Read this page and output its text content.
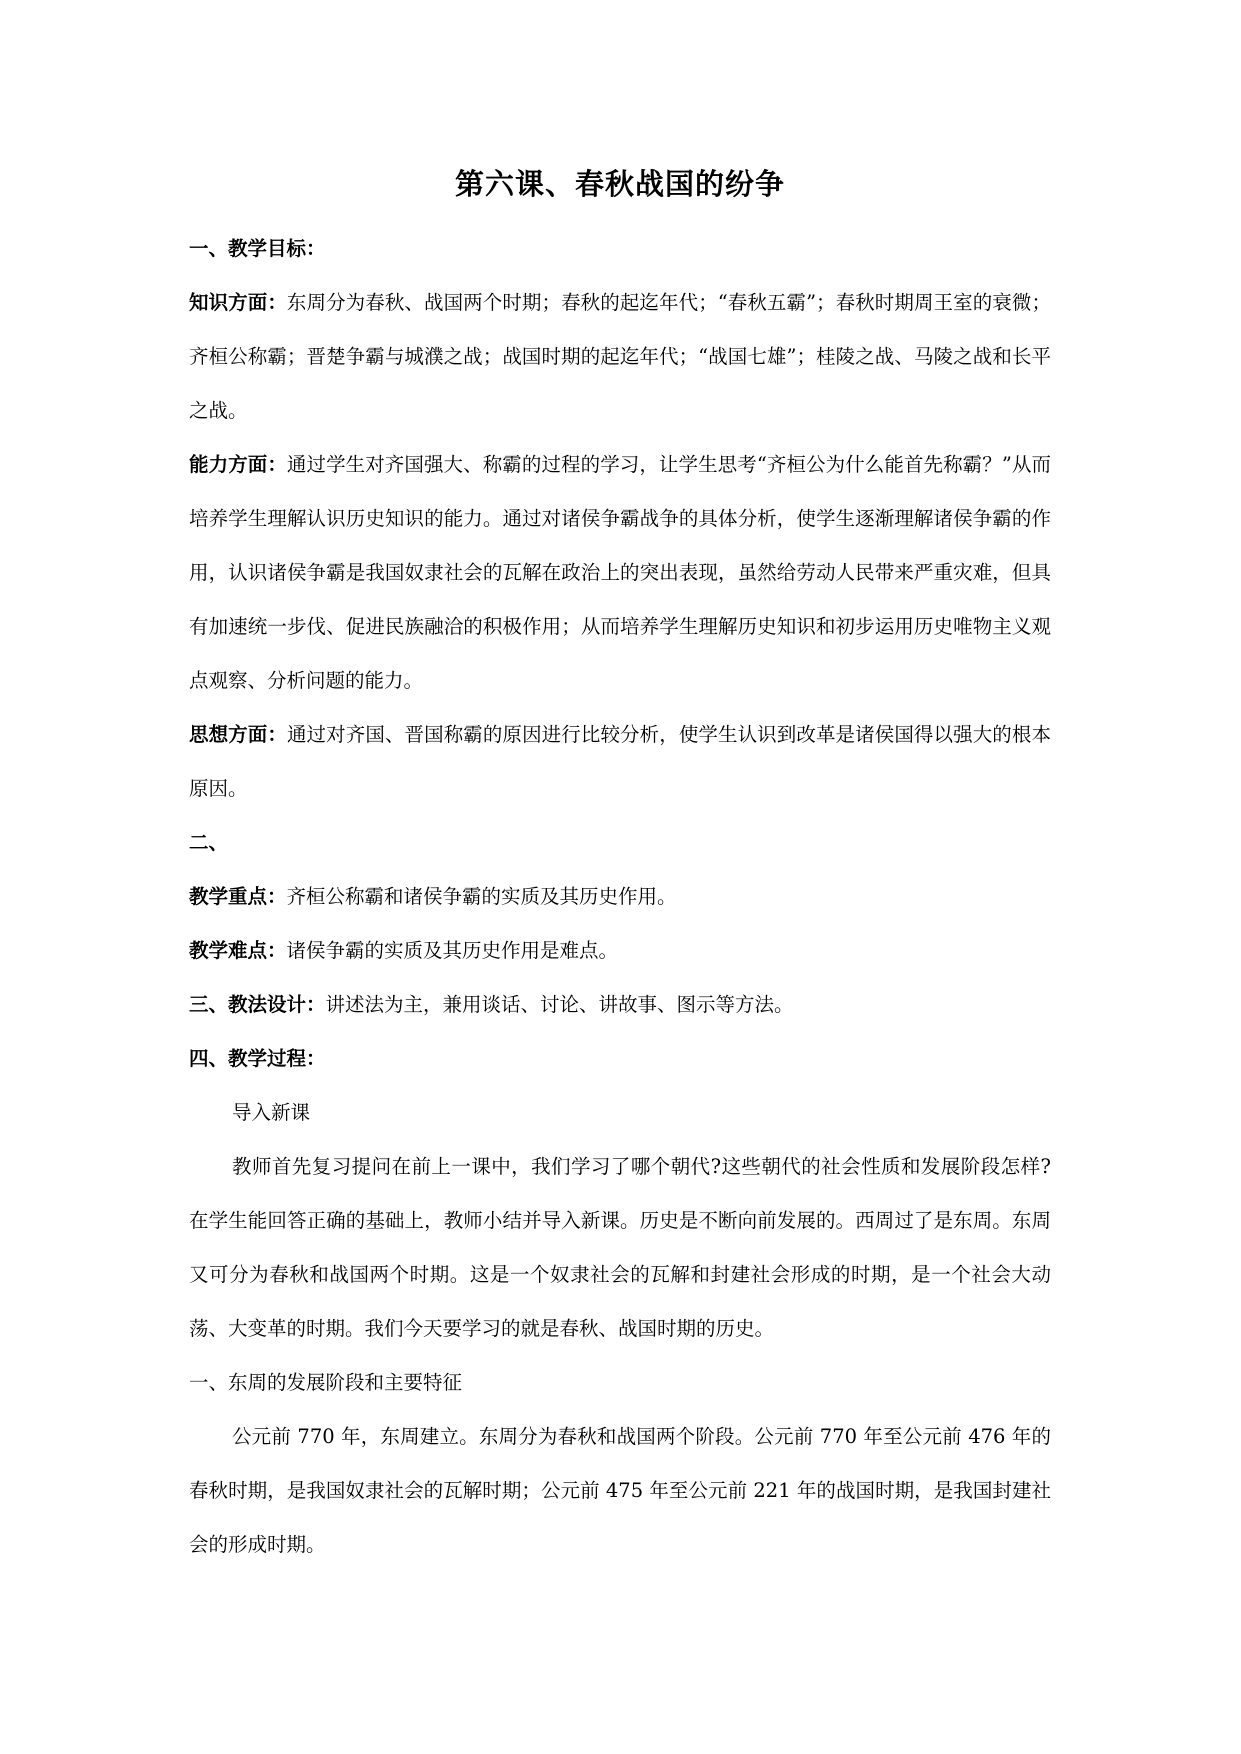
第六课、春秋战国的纷争

一、教学目标：

知识方面：东周分为春秋、战国两个时期；春秋的起迄年代；“春秋五霸”；春秋时期周王室的衰微；齐桓公称霸；晋楚争霸与城濮之战；战国时期的起迄年代；“战国七雄”；桂陵之战、马陵之战和长平之战。

能力方面：通过学生对齐国强大、称霸的过程的学习，让学生思考“齐桓公为什么能首先称霸？”从而培养学生理解认识历史知识的能力。通过对诸侯争霸战争的具体分析，使学生逐渐理解诸侯争霸的作用，认识诸侯争霸是我国奴隶社会的瓦解在政治上的突出表现，虽然给劳动人民带来严重灾难，但具有加速统一步伐、促进民族融洽的积极作用；从而培养学生理解历史知识和初步运用历史唯物主义观点观察、分析问题的能力。

思想方面：通过对齐国、晋国称霸的原因进行比较分析，使学生认识到改革是诸侯国得以强大的根本原因。

二、

教学重点：齐桓公称霸和诸侯争霸的实质及其历史作用。

教学难点：诸侯争霸的实质及其历史作用是难点。

三、教法设计：讲述法为主，兼用谈话、讨论、讲故事、图示等方法。

四、教学过程：

导入新课

教师首先复习提问在前上一课中，我们学习了哪个朝代?这些朝代的社会性质和发展阶段怎样?在学生能回答正确的基础上，教师小结并导入新课。历史是不断向前发展的。西周过了是东周。东周又可分为春秋和战国两个时期。这是一个奴隶社会的瓦解和封建社会形成的时期，是一个社会大动荡、大变革的时期。我们今天要学习的就是春秋、战国时期的历史。

一、东周的发展阶段和主要特征

公元前 770 年，东周建立。东周分为春秋和战国两个阶段。公元前 770 年至公元前 476 年的春秋时期，是我国奴隶社会的瓦解时期；公元前 475 年至公元前 221 年的战国时期，是我国封建社会的形成时期。
